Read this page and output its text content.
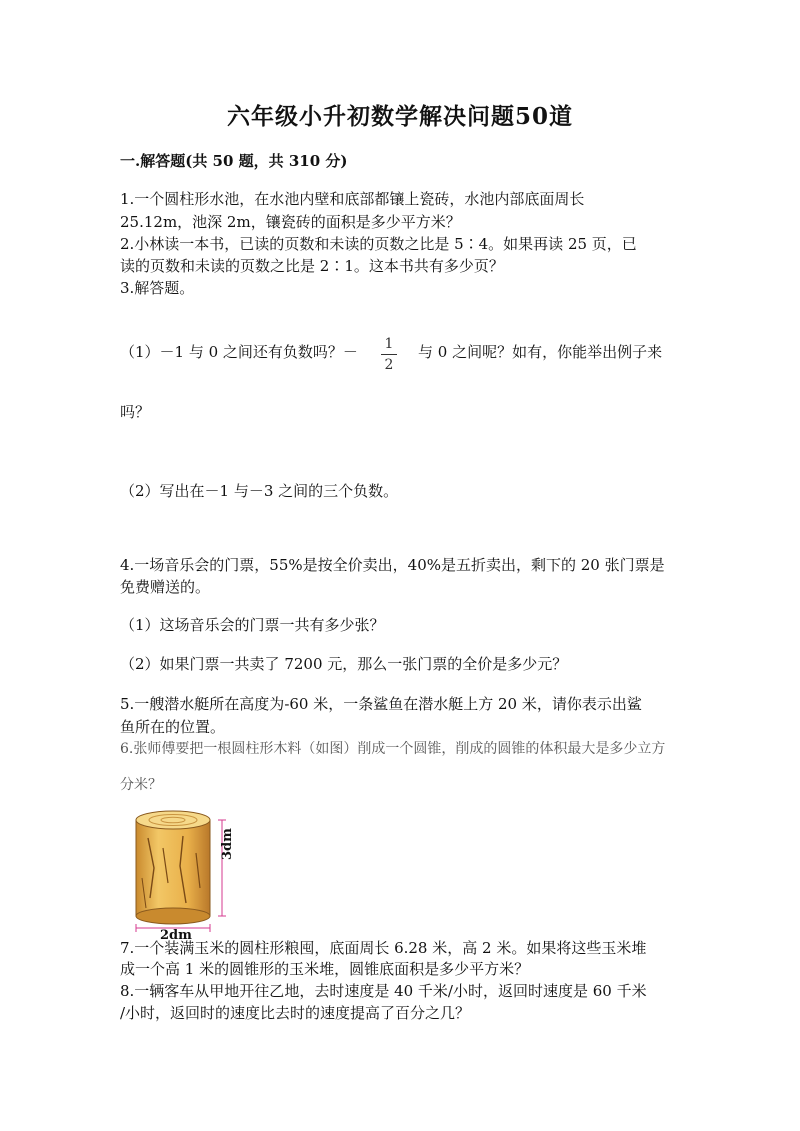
六年级小升初数学解决问题50道
一.解答题(共 50 题，共 310 分)
1.一个圆柱形水池，在水池内壁和底部都镶上瓷砖，水池内部底面周长
25.12m，池深 2m，镶瓷砖的面积是多少平方米？
2.小林读一本书，已读的页数和未读的页数之比是 5∶4。如果再读 25 页，已
读的页数和未读的页数之比是 2∶1。这本书共有多少页？
3.解答题。
（1）－1 与 0 之间还有负数吗？－	1
2
与 0 之间呢？如有，你能举出例子来
吗？
（2）写出在－1 与－3 之间的三个负数。
4.一场音乐会的门票，55%是按全价卖出，40%是五折卖出，剩下的 20 张门票是
免费赠送的。
（1）这场音乐会的门票一共有多少张？
（2）如果门票一共卖了 7200 元，那么一张门票的全价是多少元？
5.一艘潜水艇所在高度为-60 米，一条鲨鱼在潜水艇上方 20 米，请你表示出鲨
鱼所在的位置。
6.张师傅要把一根圆柱形木料（如图）削成一个圆锥，削成的圆锥的体积最大是多少立方
分米？
2dm
3dm
7.一个装满玉米的圆柱形粮囤，底面周长 6.28 米，高 2 米。如果将这些玉米堆
成一个高 1 米的圆锥形的玉米堆，圆锥底面积是多少平方米？
8.一辆客车从甲地开往乙地，去时速度是 40 千米/小时，返回时速度是 60 千米
/小时，返回时的速度比去时的速度提高了百分之几？
